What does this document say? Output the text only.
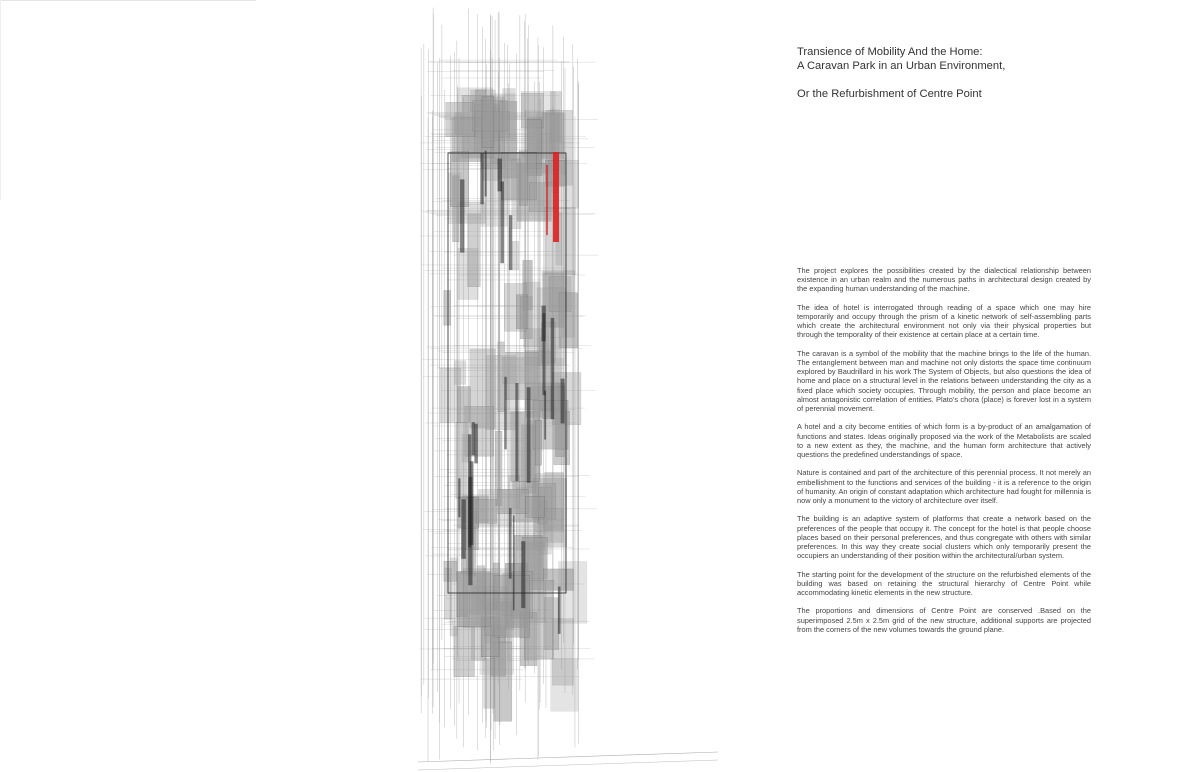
Transience of Mobility And the Home:

A Caravan Park in an Urban Environment,

Or the Refurbishment of Centre Point

The project explores the possibilities created by the dialectical relationship between existence in an urban realm and the numerous paths in architectural design created by the expanding human understanding of the machine.

The idea of hotel is interrogated through reading of a space which one may hire temporarily and occupy through the prism of a kinetic network of self-assembling parts which create the architectural environment not only via their physical properties but through the temporality of their existence at certain place at a certain time.

The caravan is a symbol of the mobility that the machine brings to the life of the human. The entanglement between man and machine not only distorts the space time continuum explored by Baudrillard in his work The System of Objects, but also questions the idea of home and place on a structural level in the relations between understanding the city as a fixed place which society occupies. Through mobility, the person and place become an almost antagonistic correlation of entities. Plato’s chora (place) is forever lost in a system of perennial movement.

A hotel and a city become entities of which form is a by-product of an amalgamation of functions and states. Ideas originally proposed via the work of the Metabolists are scaled to a new extent as they, the machine, and the human form architecture that actively questions the predefined understandings of space.

Nature is contained and part of the architecture of this perennial process. It not merely an embellishment to the functions and services of the building - it is a reference to the origin of humanity. An origin of constant adaptation which architecture had fought for millennia is now only a monument to the victory of architecture over itself.

The building is an adaptive system of platforms that create a network based on the preferences of the people that occupy it. The concept for the hotel is that people choose places based on their personal preferences, and thus congregate with others with similar preferences. In this way they create social clusters which only temporarily present the occupiers an understanding of their position within the architectural/urban system.

The starting point for the development of the structure on the refurbished elements of the building was based on retaining the structural hierarchy of Centre Point while accommodating kinetic elements in the new structure.

The proportions and dimensions of Centre Point are conserved .Based on the superimposed 2.5m x 2.5m grid of the new structure, additional supports are projected from the corners of the new volumes towards the ground plane.
